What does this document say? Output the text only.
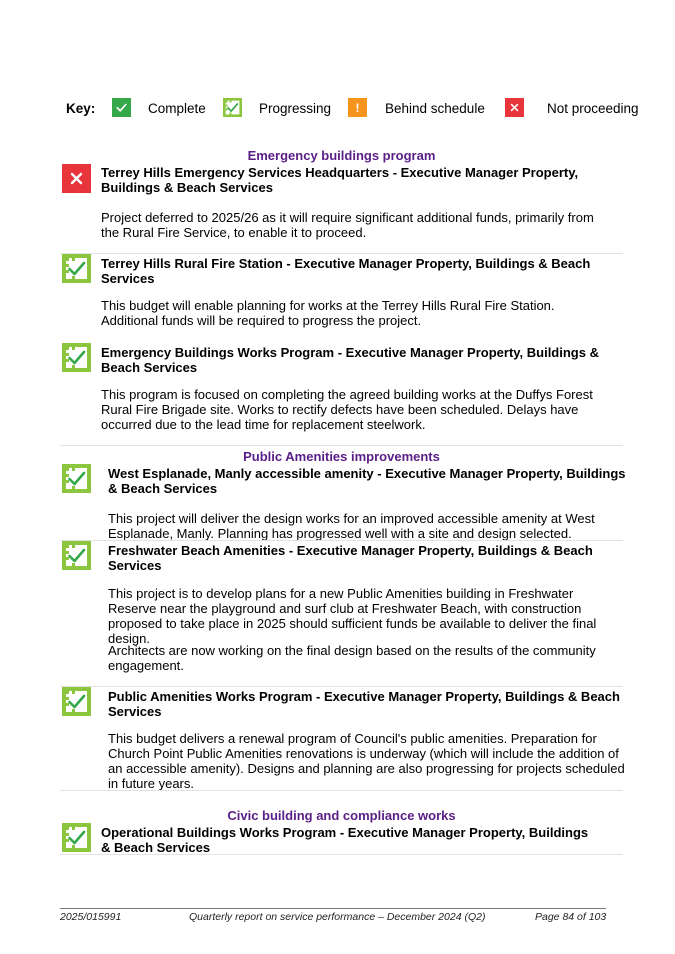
Key:	Complete	Progressing	!	Behind schedule	Not proceeding
Emergency buildings program
Terrey Hills Emergency Services Headquarters - Executive Manager Property, Buildings & Beach Services
Project deferred to 2025/26 as it will require significant additional funds, primarily from the Rural Fire Service, to enable it to proceed.
Terrey Hills Rural Fire Station - Executive Manager Property, Buildings & Beach Services
This budget will enable planning for works at the Terrey Hills Rural Fire Station. Additional funds will be required to progress the project.
Emergency Buildings Works Program - Executive Manager Property, Buildings & Beach Services
This program is focused on completing the agreed building works at the Duffys Forest Rural Fire Brigade site. Works to rectify defects have been scheduled. Delays have occurred due to the lead time for replacement steelwork.
Public Amenities improvements
West Esplanade, Manly accessible amenity - Executive Manager Property, Buildings & Beach Services
This project will deliver the design works for an improved accessible amenity at West Esplanade, Manly. Planning has progressed well with a site and design selected.
Freshwater Beach Amenities - Executive Manager Property, Buildings & Beach Services
This project is to develop plans for a new Public Amenities building in Freshwater Reserve near the playground and surf club at Freshwater Beach, with construction proposed to take place in 2025 should sufficient funds be available to deliver the final design.
Architects are now working on the final design based on the results of the community engagement.
Public Amenities Works Program - Executive Manager Property, Buildings & Beach Services
This budget delivers a renewal program of Council's public amenities. Preparation for Church Point Public Amenities renovations is underway (which will include the addition of an accessible amenity). Designs and planning are also progressing for projects scheduled in future years.
Civic building and compliance works
Operational Buildings Works Program - Executive Manager Property, Buildings & Beach Services
2025/015991	Quarterly report on service performance – December 2024 (Q2)	Page 84 of 103
